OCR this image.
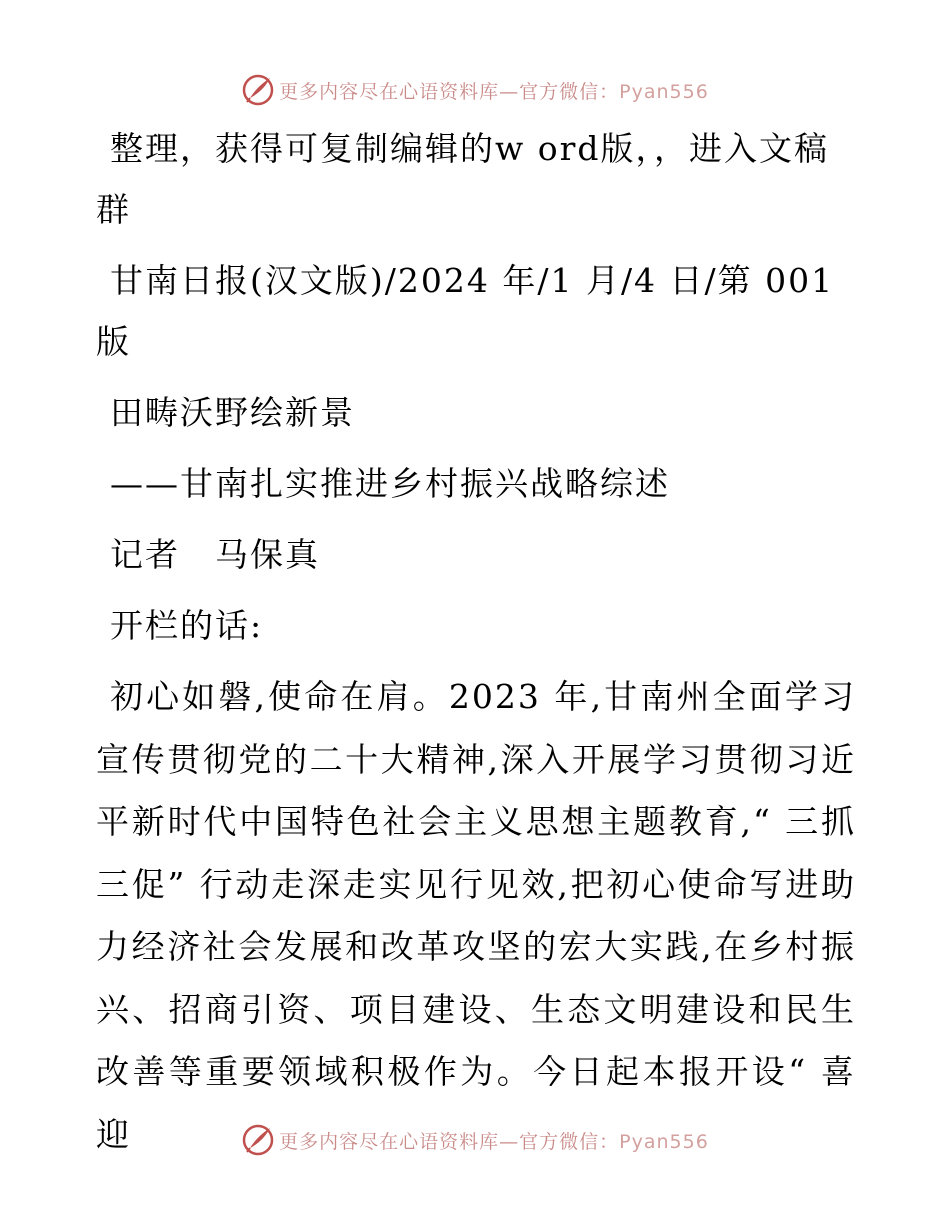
更多内容尽在心语资料库—官方微信：Pyan556

整理，获得可复制编辑的w ord版，，进入文稿群

甘南日报(汉文版)/2024 年/1 月/4 日/第 001 版

田畴沃野绘新景

——甘南扎实推进乡村振兴战略综述

记者　马保真

开栏的话:

初心如磐,使命在肩。2023 年,甘南州全面学习宣传贯彻党的二十大精神,深入开展学习贯彻习近平新时代中国特色社会主义思想主题教育,“ 三抓三促” 行动走深走实见行见效,把初心使命写进助力经济社会发展和改革攻坚的宏大实践,在乡村振兴、招商引资、项目建设、生态文明建设和民生改善等重要领域积极作为。今日起本报开设“ 喜迎	更多内容尽在心语资料库—官方微信：Pyan556
